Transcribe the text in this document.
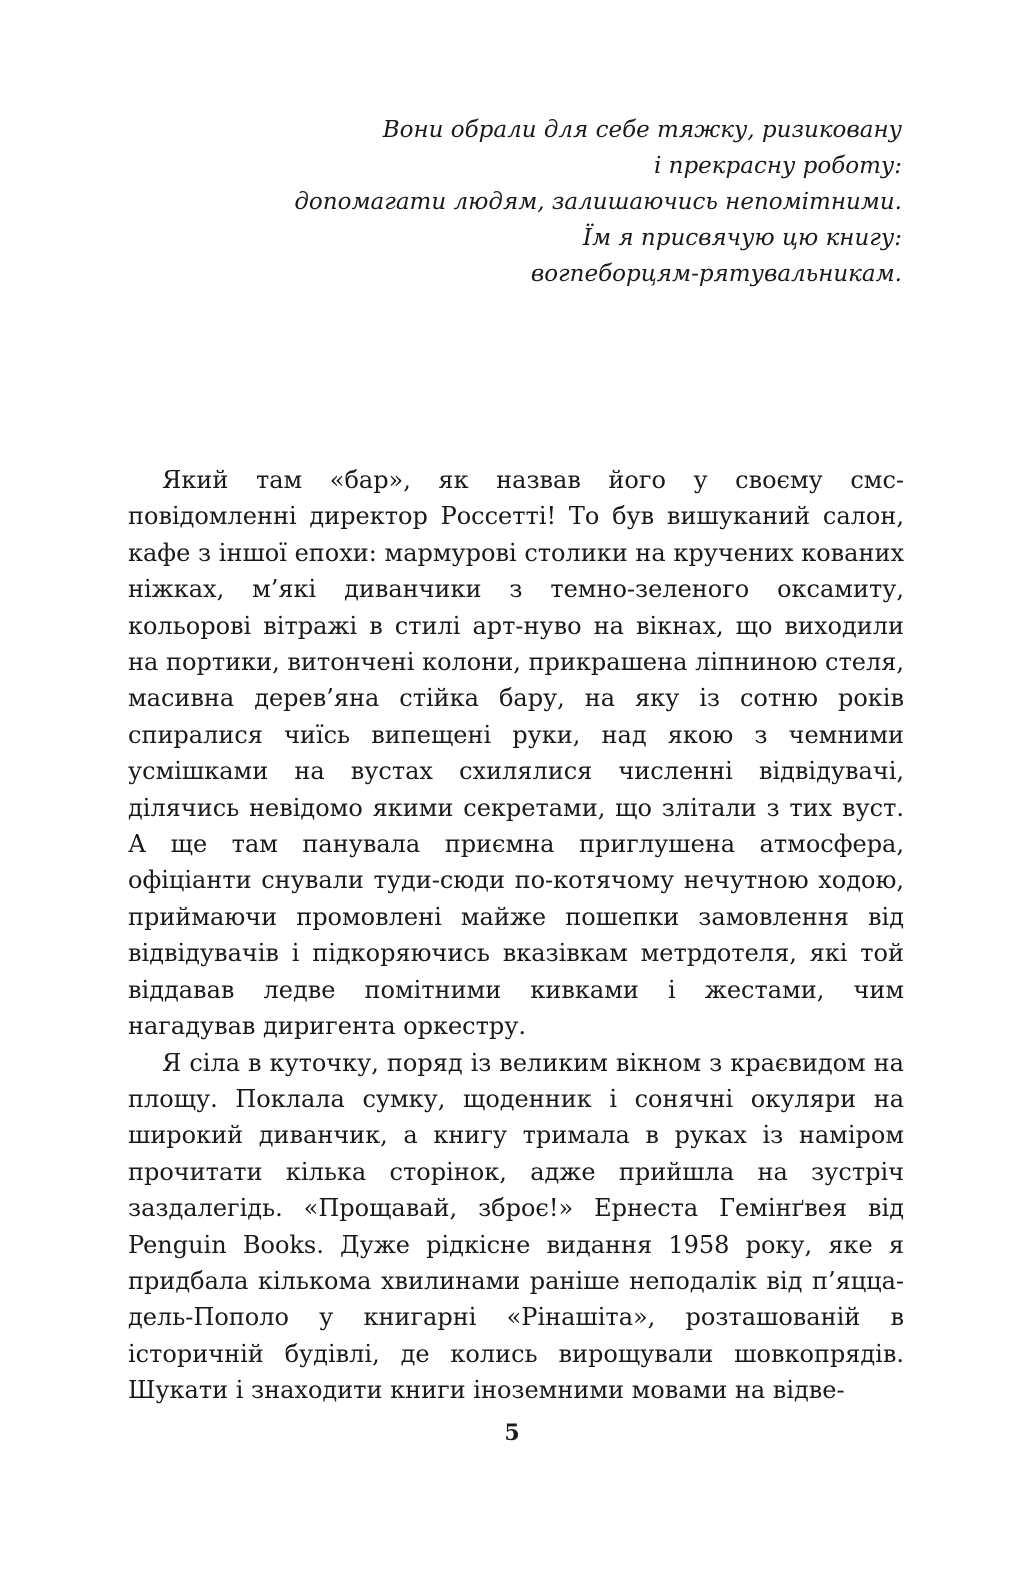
Вони обрали для себе тяжку, ризиковану
і прекрасну роботу:
допомагати людям, залишаючись непомітними.
Їм я присвячую цю книгу:
вогneборцям-рятувальникам.

Який там «бар», як назвав його у своєму смс-повідомленні директор Россетті! То був вишуканий салон, кафе з іншої епохи: мармурові столики на кручених кованих ніжках, м’які диванчики з темно-зеленого оксамиту, кольорові вітражі в стилі арт-нуво на вікнах, що виходили на портики, витончені колони, прикрашена ліпниною стеля, масивна дерев’яна стійка бару, на яку із сотню років спиралися чиїсь випещені руки, над якою з чемними усмішками на вустах схилялися численні відвідувачі, ділячись невідомо якими секретами, що злітали з тих вуст. А ще там панувала приємна приглушена атмосфера, офіціанти снували туди-сюди по-котячому нечутною ходою, приймаючи промовлені майже пошепки замовлення від відвідувачів і підкоряючись вказівкам метрдотеля, які той віддавав ледве помітними кивками і жестами, чим нагадував диригента оркестру.

Я сіла в куточку, поряд із великим вікном з краєвидом на площу. Поклала сумку, щоденник і сонячні окуляри на широкий диванчик, а книгу тримала в руках із наміром прочитати кілька сторінок, адже прийшла на зустріч заздалегідь. «Прощавай, зброє!» Ернеста Гемінґвея від Penguin Books. Дуже рідкісне видання 1958 року, яке я придбала кількома хвилинами раніше неподалік від п’яцца-дель-Пополо у книгарні «Рінашіта», розташованій в історичній будівлі, де колись вирощували шовкопрядів. Шукати і знаходити книги іноземними мовами на відве-

5
